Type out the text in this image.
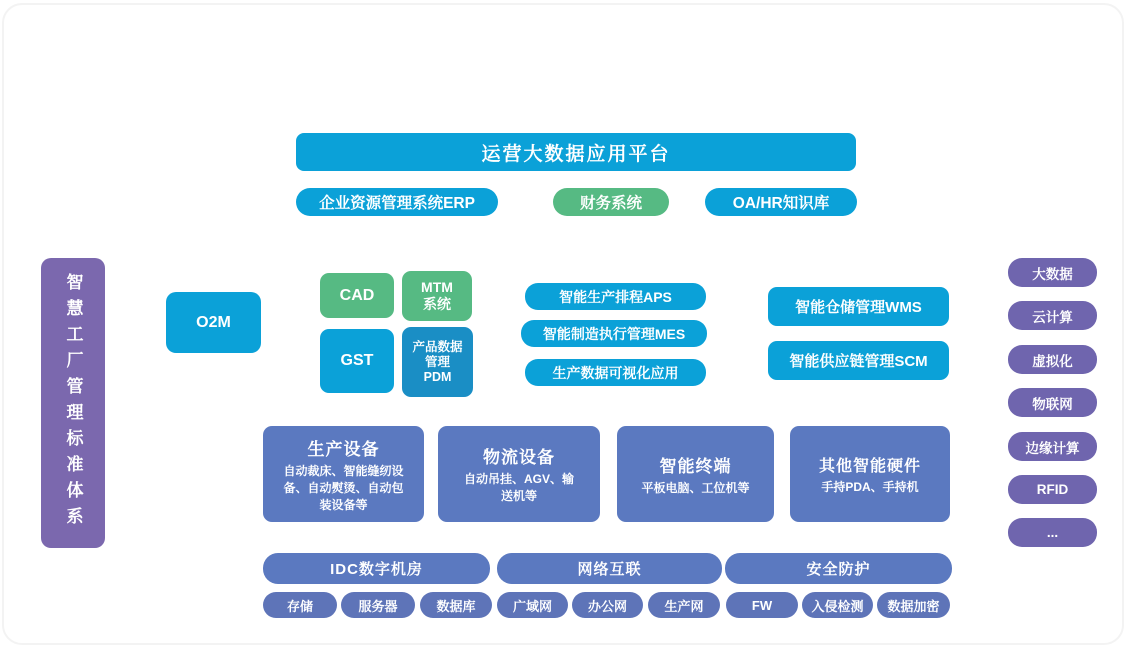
运营大数据应用平台
企业资源管理系统ERP	财务系统	OA/HR知识库
智慧工厂管理标准体系	O2M
CAD	MTM
系统
GST
产品数据
管理
PDM
智能生产排程APS
智能制造执行管理MES
生产数据可视化应用
智能仓储管理WMS
智能供应链管理SCM
大数据
云计算
虚拟化
物联网
边缘计算
RFID
...
生产设备
自动裁床、智能缝纫设备、自动熨烫、自动包装设备等
物流设备
自动吊挂、AGV、输送机等
智能终端
平板电脑、工位机等
其他智能硬件
手持PDA、手持机
IDC数字机房	网络互联	安全防护
存储	服务器	数据库	广域网	办公网	生产网	FW	入侵检测	数据加密
